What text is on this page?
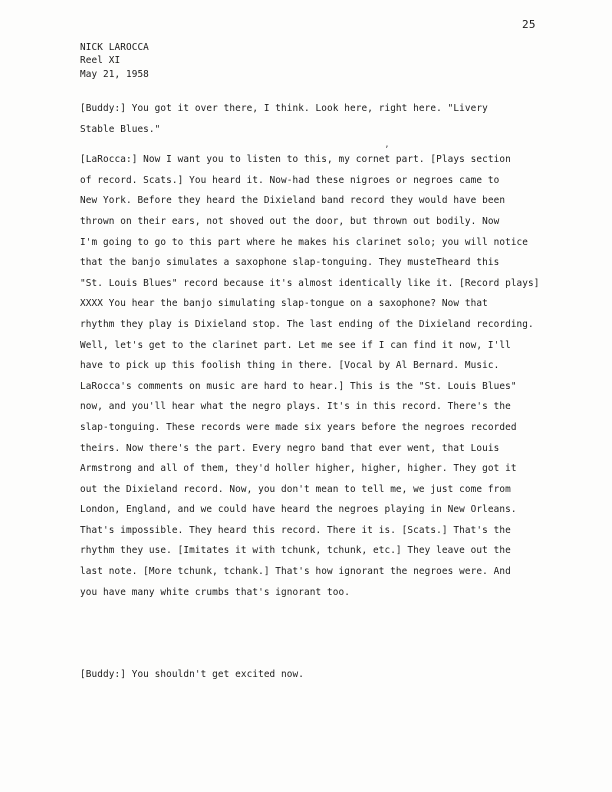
25
NICK LAROCCA
Reel XI
May 21, 1958
ʼ
[Buddy:] You got it over there, I think. Look here, right here. "Livery
Stable Blues."
[LaRocca:] Now I want you to listen to this, my cornet part. [Plays section
of record. Scats.] You heard it. Now-had these nigroes or negroes came to
New York. Before they heard the Dixieland band record they would have been
thrown on their ears, not shoved out the door, but thrown out bodily. Now
I'm going to go to this part where he makes his clarinet solo; you will notice
that the banjo simulates a saxophone slap-tonguing. They musteTheard this
"St. Louis Blues" record because it's almost identically like it. [Record plays]
XXXX You hear the banjo simulating slap-tongue on a saxophone? Now that
rhythm they play is Dixieland stop. The last ending of the Dixieland recording.
Well, let's get to the clarinet part. Let me see if I can find it now, I'll
have to pick up this foolish thing in there. [Vocal by Al Bernard. Music.
LaRocca's comments on music are hard to hear.] This is the "St. Louis Blues"
now, and you'll hear what the negro plays. It's in this record. There's the
slap-tonguing. These records were made six years before the negroes recorded
theirs. Now there's the part. Every negro band that ever went, that Louis
Armstrong and all of them, they'd holler higher, higher, higher. They got it
out the Dixieland record. Now, you don't mean to tell me, we just come from
London, England, and we could have heard the negroes playing in New Orleans.
That's impossible. They heard this record. There it is. [Scats.] That's the
rhythm they use. [Imitates it with tchunk, tchunk, etc.] They leave out the
last note. [More tchunk, tchank.] That's how ignorant the negroes were. And
you have many white crumbs that's ignorant too.
[Buddy:] You shouldn't get excited now.
